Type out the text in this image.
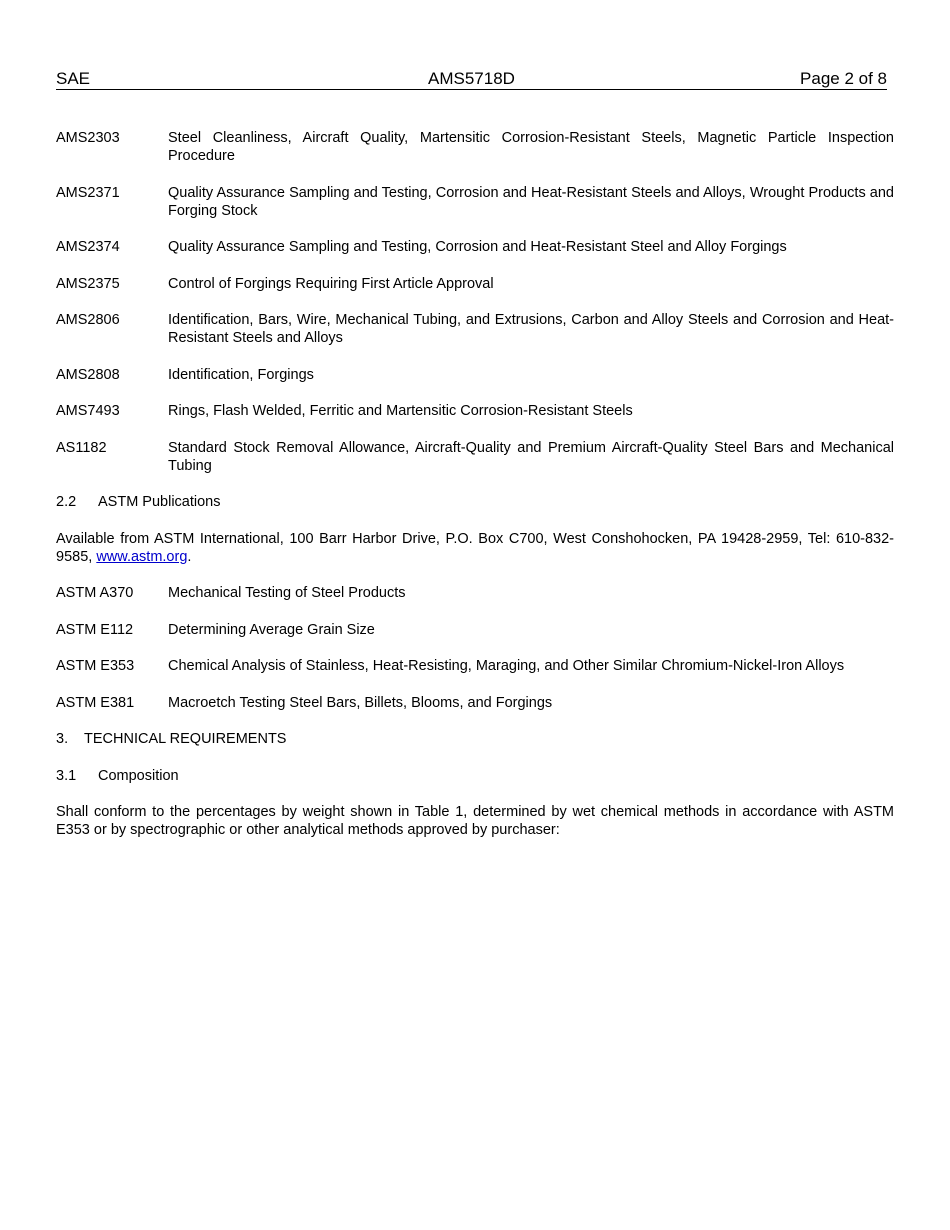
SAE	AMS5718D	Page 2 of 8
AMS2303	Steel Cleanliness, Aircraft Quality, Martensitic Corrosion-Resistant Steels, Magnetic Particle Inspection Procedure
AMS2371	Quality Assurance Sampling and Testing, Corrosion and Heat-Resistant Steels and Alloys, Wrought Products and Forging Stock
AMS2374	Quality Assurance Sampling and Testing, Corrosion and Heat-Resistant Steel and Alloy Forgings
AMS2375	Control of Forgings Requiring First Article Approval
AMS2806	Identification, Bars, Wire, Mechanical Tubing, and Extrusions, Carbon and Alloy Steels and Corrosion and Heat-Resistant Steels and Alloys
AMS2808	Identification, Forgings
AMS7493	Rings, Flash Welded, Ferritic and Martensitic Corrosion-Resistant Steels
AS1182	Standard Stock Removal Allowance, Aircraft-Quality and Premium Aircraft-Quality Steel Bars and Mechanical Tubing
2.2 ASTM Publications
Available from ASTM International, 100 Barr Harbor Drive, P.O. Box C700, West Conshohocken, PA 19428-2959, Tel: 610-832-9585, www.astm.org.
ASTM A370	Mechanical Testing of Steel Products
ASTM E112	Determining Average Grain Size
ASTM E353	Chemical Analysis of Stainless, Heat-Resisting, Maraging, and Other Similar Chromium-Nickel-Iron Alloys
ASTM E381	Macroetch Testing Steel Bars, Billets, Blooms, and Forgings
3. TECHNICAL REQUIREMENTS
3.1 Composition
Shall conform to the percentages by weight shown in Table 1, determined by wet chemical methods in accordance with ASTM E353 or by spectrographic or other analytical methods approved by purchaser:
